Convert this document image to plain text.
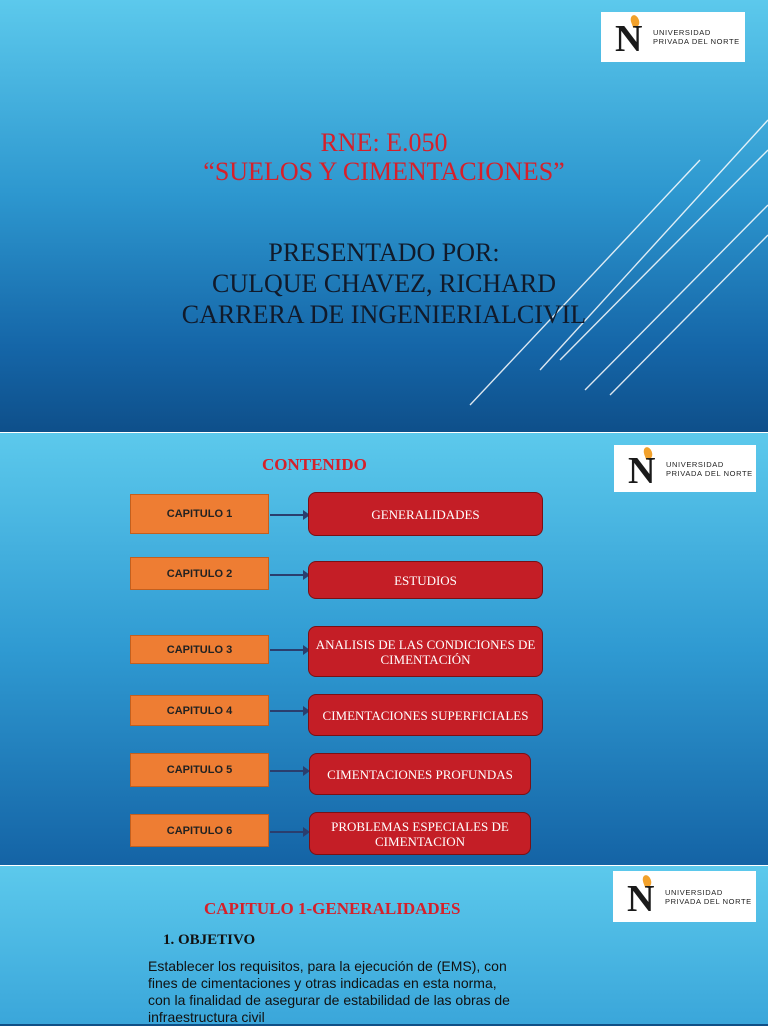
N UNIVERSIDAD
PRIVADA DEL NORTE
RNE: E.050
“SUELOS Y CIMENTACIONES”
PRESENTADO POR:
CULQUE CHAVEZ, RICHARD
CARRERA DE INGENIERIALCIVIL
N UNIVERSIDAD
PRIVADA DEL NORTE
CONTENIDO
CAPITULO 1	GENERALIDADES
CAPITULO 2	ESTUDIOS
CAPITULO 3	ANALISIS DE LAS CONDICIONES DE CIMENTACIÓN
CAPITULO 4	CIMENTACIONES SUPERFICIALES
CAPITULO 5	CIMENTACIONES PROFUNDAS
CAPITULO 6	PROBLEMAS ESPECIALES DE CIMENTACION
N UNIVERSIDAD
PRIVADA DEL NORTE
CAPITULO 1-GENERALIDADES
1. OBJETIVO
Establecer los requisitos, para la ejecución de (EMS), con fines de cimentaciones y otras indicadas en esta norma, con la finalidad de asegurar de estabilidad de las obras de infraestructura civil
